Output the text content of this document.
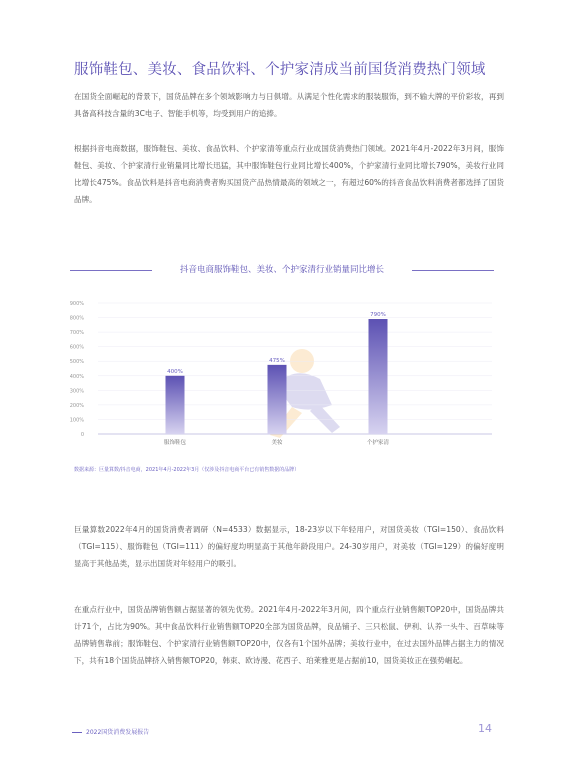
服饰鞋包、美妆、食品饮料、个护家清成当前国货消费热门领域
在国货全面崛起的背景下，国货品牌在多个领域影响力与日俱增。从满足个性化需求的服装服饰，到不输大牌的平价彩妆，再到具备高科技含量的3C电子、智能手机等，均受到用户的追捧。
根据抖音电商数据，服饰鞋包、美妆、食品饮料、个护家清等重点行业成国货消费热门领域。2021年4月-2022年3月间，服饰鞋包、美妆、个护家清行业销量同比增长迅猛，其中服饰鞋包行业同比增长400%，个护家清行业同比增长790%，美妆行业同比增长475%。食品饮料是抖音电商消费者购买国货产品热情最高的领域之一，有超过60%的抖音食品饮料消费者都选择了国货品牌。
抖音电商服饰鞋包、美妆、个护家清行业销量同比增长
900%
800%
700%
600%
500%
400%
300%
200%
100%
0
400%
服饰鞋包
475%
美妆
790%
个护家清
数据来源：巨量算数/抖音电商，2021年4月-2022年3月（仅涉及抖音电商平台已有销售数据的品牌）
巨量算数2022年4月的国货消费者调研（N=4533）数据显示，18-23岁以下年轻用户，对国货美妆（TGI=150）、食品饮料（TGI=115）、服饰鞋包（TGI=111）的偏好度均明显高于其他年龄段用户。24-30岁用户，对美妆（TGI=129）的偏好度明显高于其他品类，显示出国货对年轻用户的吸引。
在重点行业中，国货品牌销售额占据显著的领先优势。2021年4月-2022年3月间，四个重点行业销售额TOP20中，国货品牌共计71个，占比为90%。其中食品饮料行业销售额TOP20全部为国货品牌，良品铺子、三只松鼠、伊利、认养一头牛、百草味等品牌销售靠前；服饰鞋包、个护家清行业销售额TOP20中，仅各有1个国外品牌；美妆行业中，在过去国外品牌占据主力的情况下，共有18个国货品牌挤入销售额TOP20，韩束、欧诗漫、花西子、珀莱雅更是占据前10，国货美妆正在强势崛起。
2022国货消费发展报告	14
